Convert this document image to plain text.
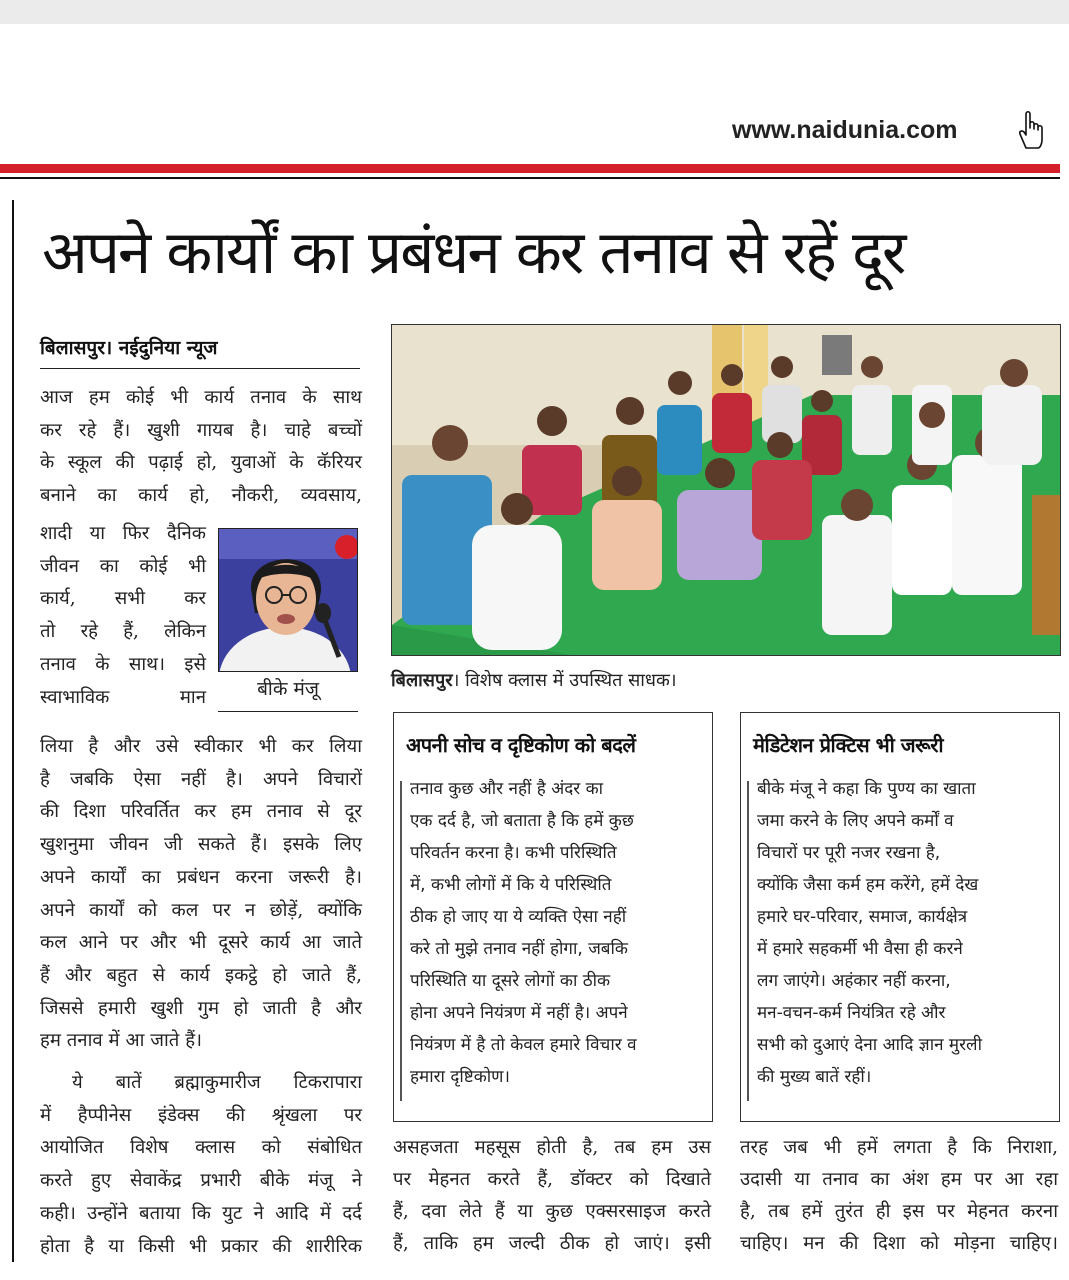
www.naidunia.com
अपने कार्यों का प्रबंधन कर तनाव से रहें दूर
बिलासपुर। नईदुनिया न्यूज

आज हम कोई भी कार्य तनाव के साथ

कर रहे हैं। खुशी गायब है। चाहे बच्चों

के स्कूल की पढ़ाई हो, युवाओं के कॅरियर

बनाने का कार्य हो, नौकरी, व्यवसाय,

शादी या फिर दैनिक

जीवन का कोई भी

कार्य, सभी कर

तो रहे हैं, लेकिन

तनाव के साथ। इसे

स्वाभाविक मान	बीके मंजू

लिया है और उसे स्वीकार भी कर लिया

है जबकि ऐसा नहीं है। अपने विचारों

की दिशा परिवर्तित कर हम तनाव से दूर

खुशनुमा जीवन जी सकते हैं। इसके लिए

अपने कार्यों का प्रबंधन करना जरूरी है।

अपने कार्यों को कल पर न छोड़ें, क्योंकि

कल आने पर और भी दूसरे कार्य आ जाते

हैं और बहुत से कार्य इकट्ठे हो जाते हैं,

जिससे हमारी खुशी गुम हो जाती है और

हम तनाव में आ जाते हैं।

ये बातें ब्रह्माकुमारीज टिकरापारा

में हैप्पीनेस इंडेक्स की श्रृंखला पर

आयोजित विशेष क्लास को संबोधित

करते हुए सेवाकेंद्र प्रभारी बीके मंजू ने

कही। उन्होंने बताया कि युट ने आदि में दर्द

होता है या किसी भी प्रकार की शारीरिक

बिलासपुर। विशेष क्लास में उपस्थित साधक।
अपनी सोच व दृष्टिकोण को बदलें

तनाव कुछ और नहीं है अंदर का

एक दर्द है, जो बताता है कि हमें कुछ

परिवर्तन करना है। कभी परिस्थिति

में, कभी लोगों में कि ये परिस्थिति

ठीक हो जाए या ये व्यक्ति ऐसा नहीं

करे तो मुझे तनाव नहीं होगा, जबकि

परिस्थिति या दूसरे लोगों का ठीक

होना अपने नियंत्रण में नहीं है। अपने

नियंत्रण में है तो केवल हमारे विचार व

हमारा दृष्टिकोण।

मेडिटेशन प्रेक्टिस भी जरूरी

बीके मंजू ने कहा कि पुण्य का खाता

जमा करने के लिए अपने कर्मों व

विचारों पर पूरी नजर रखना है,

क्योंकि जैसा कर्म हम करेंगे, हमें देख

हमारे घर-परिवार, समाज, कार्यक्षेत्र

में हमारे सहकर्मी भी वैसा ही करने

लग जाएंगे। अहंकार नहीं करना,

मन-वचन-कर्म नियंत्रित रहे और

सभी को दुआएं देना आदि ज्ञान मुरली

की मुख्य बातें रहीं।

असहजता महसूस होती है, तब हम उस

पर मेहनत करते हैं, डॉक्टर को दिखाते

हैं, दवा लेते हैं या कुछ एक्सरसाइज करते

हैं, ताकि हम जल्दी ठीक हो जाएं। इसी

तरह जब भी हमें लगता है कि निराशा,

उदासी या तनाव का अंश हम पर आ रहा

है, तब हमें तुरंत ही इस पर मेहनत करना

चाहिए। मन की दिशा को मोड़ना चाहिए।
